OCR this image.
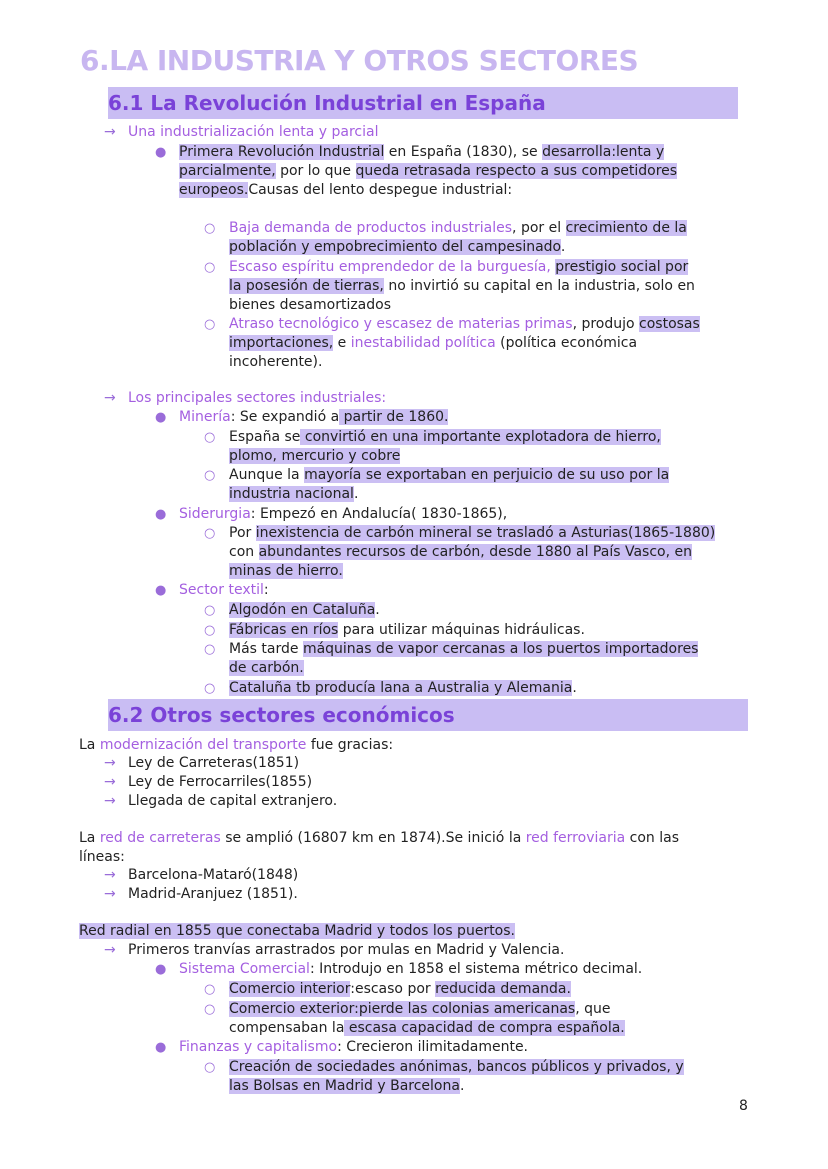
6.LA INDUSTRIA Y OTROS SECTORES
6.1 La Revolución Industrial en España
→ Una industrialización lenta y parcial
● Primera Revolución Industrial en España (1830), se desarrolla:lenta y
parcialmente, por lo que queda retrasada respecto a sus competidores
europeos.Causas del lento despegue industrial:
○ Baja demanda de productos industriales, por el crecimiento de la
población y empobrecimiento del campesinado.
○ Escaso espíritu emprendedor de la burguesía, prestigio social por
la posesión de tierras, no invirtió su capital en la industria, solo en
bienes desamortizados
○ Atraso tecnológico y escasez de materias primas, produjo costosas
importaciones, e inestabilidad política (política económica
incoherente).
→ Los principales sectores industriales:
● Minería: Se expandió a partir de 1860.
○ España se convirtió en una importante explotadora de hierro,
plomo, mercurio y cobre
○ Aunque la mayoría se exportaban en perjuicio de su uso por la
industria nacional.
● Siderurgia: Empezó en Andalucía( 1830-1865),
○ Por inexistencia de carbón mineral se trasladó a Asturias(1865-1880)
con abundantes recursos de carbón, desde 1880 al País Vasco, en
minas de hierro.
● Sector textil:
○ Algodón en Cataluña.
○ Fábricas en ríos para utilizar máquinas hidráulicas.
○ Más tarde máquinas de vapor cercanas a los puertos importadores
de carbón.
○ Cataluña tb producía lana a Australia y Alemania.
6.2 Otros sectores económicos
La modernización del transporte fue gracias:
→ Ley de Carreteras(1851)
→ Ley de Ferrocarriles(1855)
→ Llegada de capital extranjero.
La red de carreteras se amplió (16807 km en 1874).Se inició la red ferroviaria con las
líneas:
→ Barcelona-Mataró(1848)
→ Madrid-Aranjuez (1851).
Red radial en 1855 que conectaba Madrid y todos los puertos.
→ Primeros tranvías arrastrados por mulas en Madrid y Valencia.
● Sistema Comercial: Introdujo en 1858 el sistema métrico decimal.
○ Comercio interior:escaso por reducida demanda.
○ Comercio exterior:pierde las colonias americanas, que
compensaban la escasa capacidad de compra española.
● Finanzas y capitalismo: Crecieron ilimitadamente.
○ Creación de sociedades anónimas, bancos públicos y privados, y
las Bolsas en Madrid y Barcelona.
8
